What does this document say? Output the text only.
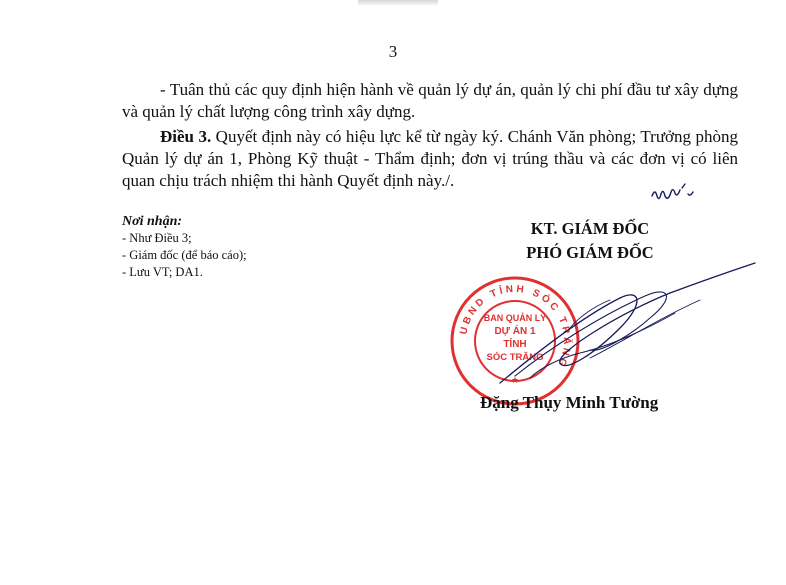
3

- Tuân thủ các quy định hiện hành về quản lý dự án, quản lý chi phí đầu tư xây dựng và quản lý chất lượng công trình xây dựng.

Điều 3. Quyết định này có hiệu lực kể từ ngày ký. Chánh Văn phòng; Trưởng phòng Quản lý dự án 1, Phòng Kỹ thuật - Thẩm định; đơn vị trúng thầu và các đơn vị có liên quan chịu trách nhiệm thi hành Quyết định này./.

Nơi nhận:
- Như Điều 3;
- Giám đốc (để báo cáo);
- Lưu VT; DA1.
KT. GIÁM ĐỐC
PHÓ GIÁM ĐỐC
UBND TỈNH SÓC TRĂNG
★
BAN QUẢN LÝ
DỰ ÁN 1
TỈNH
SÓC TRĂNG
Đặng Thụy Minh Tường
